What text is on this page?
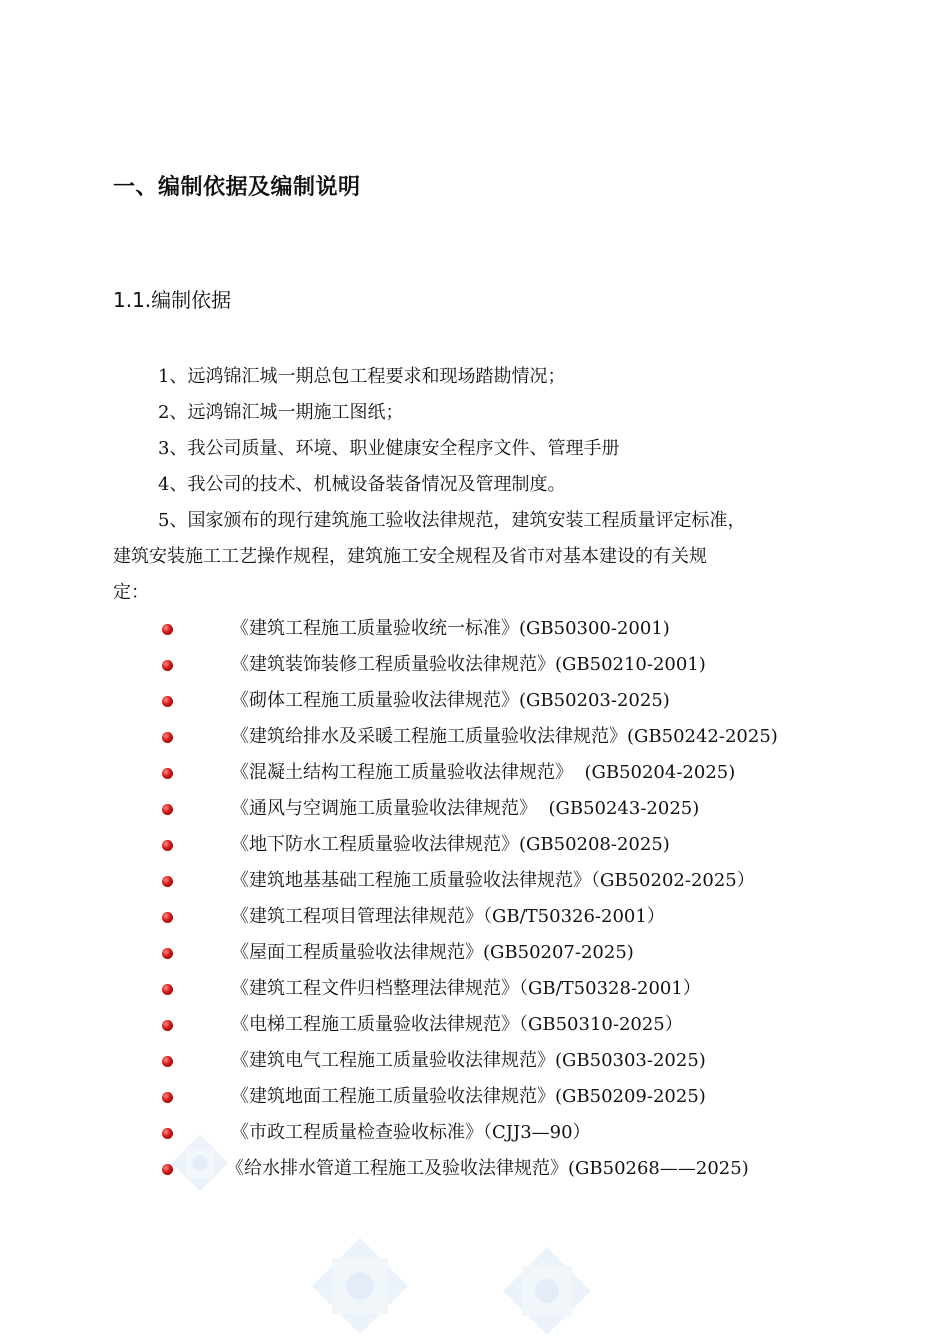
一、编制依据及编制说明
1.1.编制依据

1、远鸿锦汇城一期总包工程要求和现场踏勘情况；

2、远鸿锦汇城一期施工图纸；

3、我公司质量、环境、职业健康安全程序文件、管理手册

4、我公司的技术、机械设备装备情况及管理制度。

5、国家颁布的现行建筑施工验收法律规范，建筑安装工程质量评定标准，

建筑安装施工工艺操作规程，建筑施工安全规程及省市对基本建设的有关规

定：

《建筑工程施工质量验收统一标准》(GB50300-2001)
《建筑装饰装修工程质量验收法律规范》(GB50210-2001)
《砌体工程施工质量验收法律规范》(GB50203-2025)
《建筑给排水及采暖工程施工质量验收法律规范》(GB50242-2025)
《混凝土结构工程施工质量验收法律规范》  (GB50204-2025)
《通风与空调施工质量验收法律规范》  (GB50243-2025)
《地下防水工程质量验收法律规范》(GB50208-2025)
《建筑地基基础工程施工质量验收法律规范》（GB50202-2025）
《建筑工程项目管理法律规范》（GB/T50326-2001）
《屋面工程质量验收法律规范》(GB50207-2025)
《建筑工程文件归档整理法律规范》（GB/T50328-2001）
《电梯工程施工质量验收法律规范》（GB50310-2025）
《建筑电气工程施工质量验收法律规范》(GB50303-2025)
《建筑地面工程施工质量验收法律规范》(GB50209-2025)
《市政工程质量检查验收标准》（CJJ3—90）
《给水排水管道工程施工及验收法律规范》(GB50268——2025)
